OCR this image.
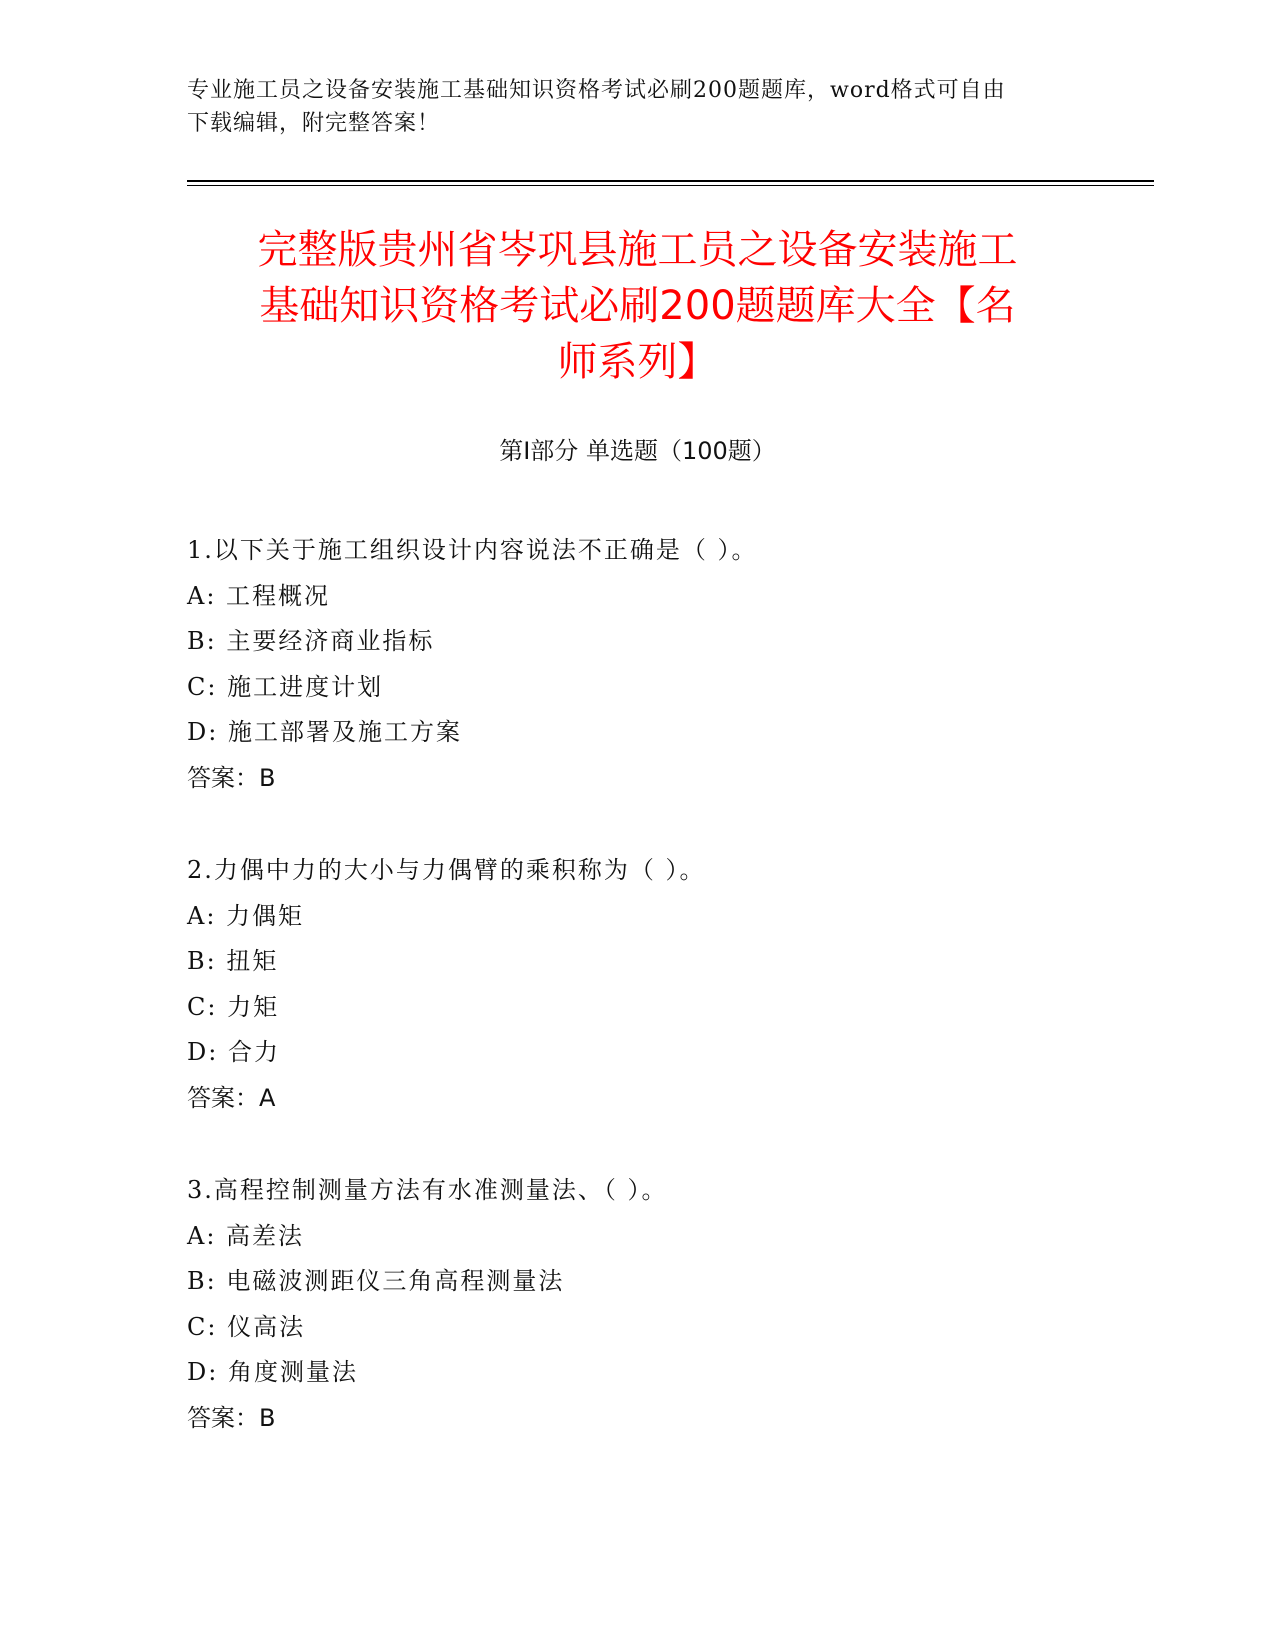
专业施工员之设备安装施工基础知识资格考试必刷200题题库，word格式可自由
下载编辑，附完整答案！
完整版贵州省岑巩县施工员之设备安装施工
基础知识资格考试必刷200题题库大全【名
师系列】
第Ⅰ部分 单选题（100题）
1.以下关于施工组织设计内容说法不正确是（ ）。
A: 工程概况
B: 主要经济商业指标
C: 施工进度计划
D: 施工部署及施工方案
答案：B
2.力偶中力的大小与力偶臂的乘积称为（ ）。
A: 力偶矩
B: 扭矩
C: 力矩
D: 合力
答案：A
3.高程控制测量方法有水准测量法、（ ）。
A: 高差法
B: 电磁波测距仪三角高程测量法
C: 仪高法
D: 角度测量法
答案：B
